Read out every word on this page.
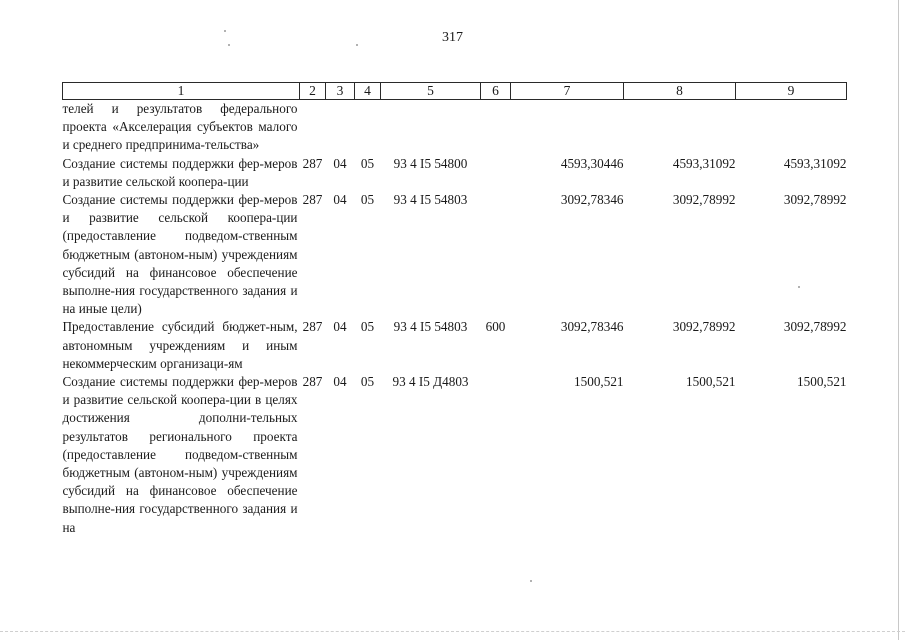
317
1	2	3	4	5	6	7	8	9
телей и результатов федерального проекта «Акселерация субъектов малого и среднего предпринима-тельства»								
Создание системы поддержки фер-меров и развитие сельской коопера-ции	287	04	05	93 4 I5 54800		4593,30446	4593,31092	4593,31092
Создание системы поддержки фер-меров и развитие сельской коопера-ции (предоставление подведом-ственным бюджетным (автоном-ным) учреждениям субсидий на финансовое обеспечение выполне-ния государственного задания и на иные цели)	287	04	05	93 4 I5 54803		3092,78346	3092,78992	3092,78992
Предоставление субсидий бюджет-ным, автономным учреждениям и иным некоммерческим организаци-ям	287	04	05	93 4 I5 54803	600	3092,78346	3092,78992	3092,78992
Создание системы поддержки фер-меров и развитие сельской коопера-ции в целях достижения дополни-тельных результатов регионального проекта (предоставление подведом-ственным бюджетным (автоном-ным) учреждениям субсидий на финансовое обеспечение выполне-ния государственного задания и на	287	04	05	93 4 I5 Д4803		1500,521	1500,521	1500,521
